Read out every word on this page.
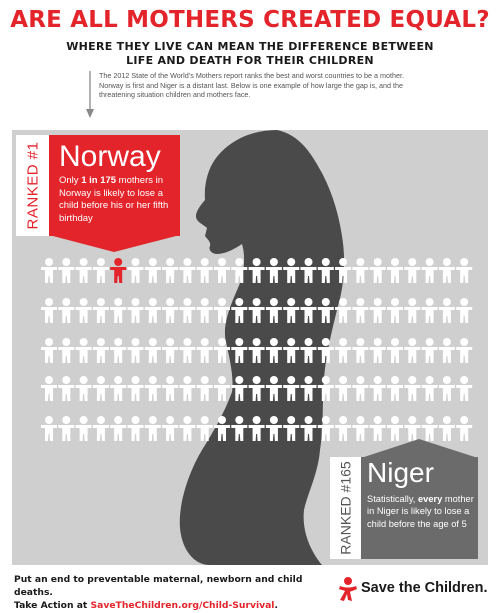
ARE ALL MOTHERS CREATED EQUAL?
WHERE THEY LIVE CAN MEAN THE DIFFERENCE BETWEEN
LIFE AND DEATH FOR THEIR CHILDREN
The 2012 State of the World’s Mothers report ranks the best and worst countries to be a mother.
Norway is first and Niger is a distant last. Below is one example of how large the gap is, and the
threatening situation children and mothers face.
RANKED #1 Norway
Only 1 in 175 mothers in Norway is likely to lose a child before his or her fifth birthday
RANKED #165 Niger
Statistically, every mother in Niger is likely to lose a child before the age of 5
Put an end to preventable maternal, newborn and child deaths.
Take Action at SaveTheChildren.org/Child-Survival.
Save the Children.
